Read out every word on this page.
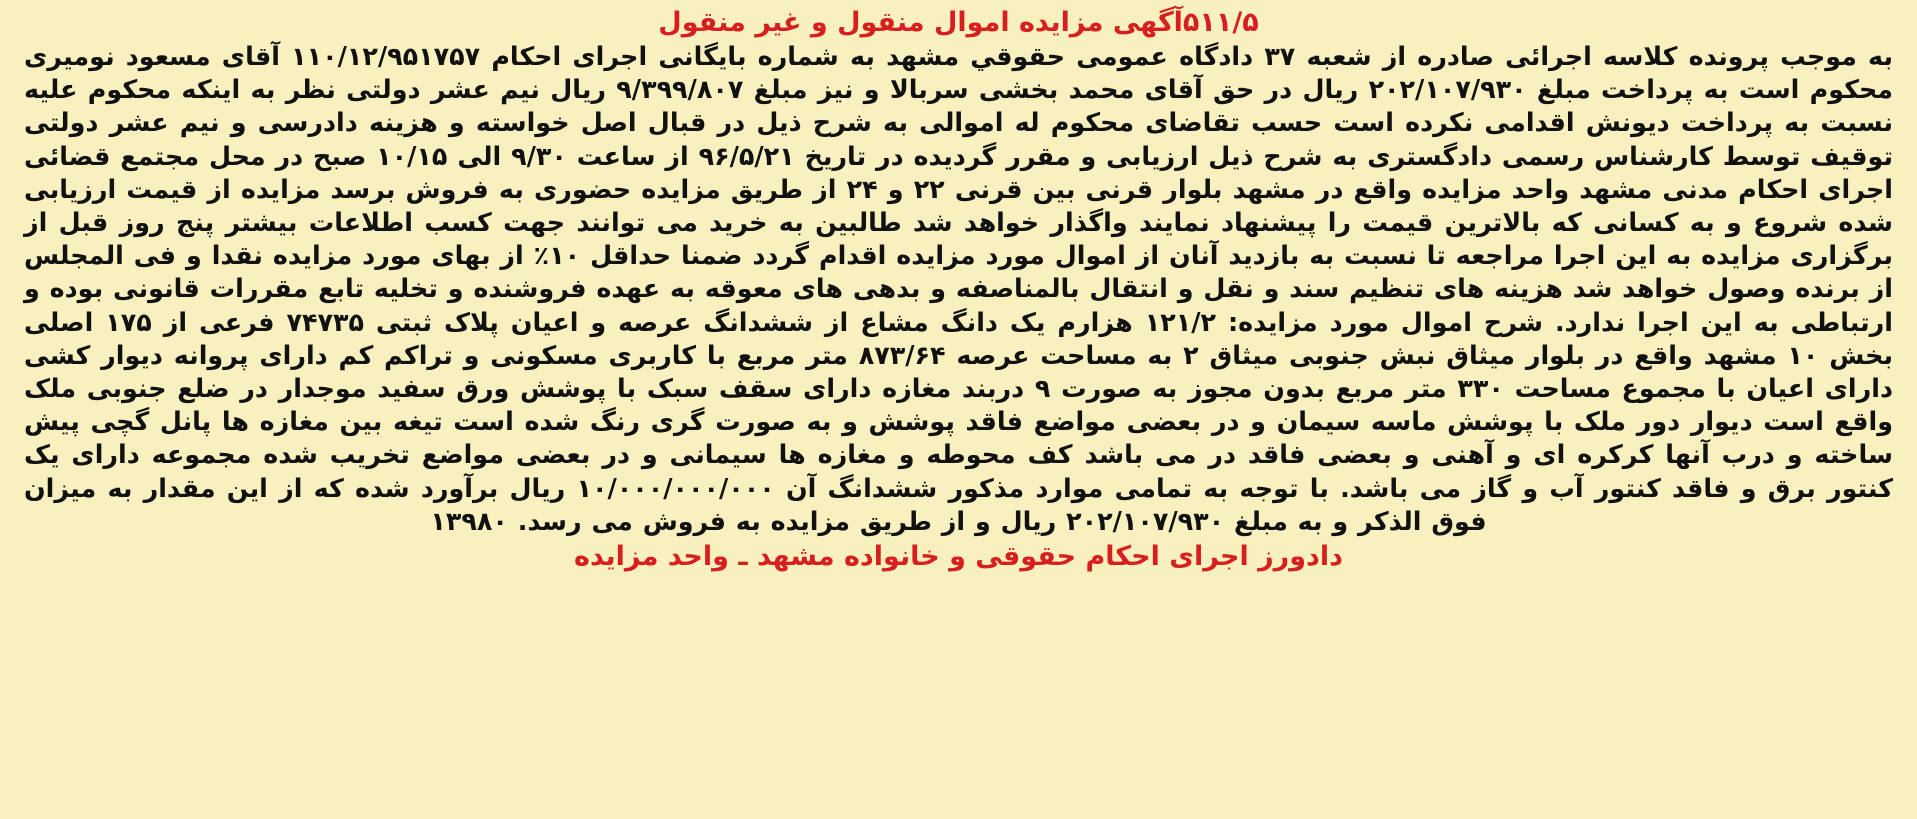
۵۱۱/۵آگهی مزایده اموال منقول و غیر منقول

به موجب پرونده کلاسه اجرائی صادره از شعبه ۳۷ دادگاه عمومی حقوقي مشهد به شماره بایگانی اجرای احکام ۱۱۰/۱۲/۹۵۱۷۵۷ آقای مسعود نومیری محکوم است به پرداخت مبلغ ۲۰۲/۱۰۷/۹۳۰ ریال در حق آقای محمد بخشی سربالا و نیز مبلغ ۹/۳۹۹/۸۰۷ ریال نیم عشر دولتی نظر به اینکه محکوم علیه نسبت به پرداخت دیونش اقدامی نکرده است حسب تقاضای محکوم له اموالی به شرح ذیل در قبال اصل خواسته و هزینه دادرسی و نیم عشر دولتی توقیف توسط کارشناس رسمی دادگستری به شرح ذیل ارزیابی و مقرر گردیده در تاریخ ۹۶/۵/۲۱ از ساعت ۹/۳۰ الی ۱۰/۱۵ صبح در محل مجتمع قضائی اجرای احکام مدنی مشهد واحد مزایده واقع در مشهد بلوار قرنی بین قرنی ۲۲ و ۲۴ از طریق مزایده حضوری به فروش برسد مزایده از قیمت ارزیابی شده شروع و به کسانی که بالاترین قیمت را پیشنهاد نمایند واگذار خواهد شد طالبین به خرید می توانند جهت کسب اطلاعات بیشتر پنج روز قبل از برگزاری مزایده به این اجرا مراجعه تا نسبت به بازدید آنان از اموال مورد مزایده اقدام گردد ضمنا حداقل ۱۰٪ از بهای مورد مزایده نقدا و فی المجلس از برنده وصول خواهد شد هزینه های تنظیم سند و نقل و انتقال بالمناصفه و بدهی های معوقه به عهده فروشنده و تخلیه تابع مقررات قانونی بوده و ارتباطی به این اجرا ندارد. شرح اموال مورد مزایده: ۱۲۱/۲ هزارم یک دانگ مشاع از ششدانگ عرصه و اعیان پلاک ثبتی ۷۴۷۳۵ فرعی از ۱۷۵ اصلی بخش ۱۰ مشهد واقع در بلوار میثاق نبش جنوبی میثاق ۲ به مساحت عرصه ۸۷۳/۶۴ متر مربع با کاربری مسکونی و تراکم کم دارای پروانه دیوار کشی دارای اعیان با مجموع مساحت ۳۳۰ متر مربع بدون مجوز به صورت ۹ دربند مغازه دارای سقف سبک با پوشش ورق سفید موجدار در ضلع جنوبی ملک واقع است دیوار دور ملک با پوشش ماسه سیمان و در بعضی مواضع فاقد پوشش و به صورت گری رنگ شده است تیغه بین مغازه ها پانل گچی پیش ساخته و درب آنها کرکره ای و آهنی و بعضی فاقد در می باشد کف محوطه و مغازه ها سیمانی و در بعضی مواضع تخریب شده مجموعه دارای یک کنتور برق و فاقد کنتور آب و گاز می باشد. با توجه به تمامی موارد مذکور ششدانگ آن ۱۰/۰۰۰/۰۰۰/۰۰۰ ریال برآورد شده که از این مقدار به میزان فوق الذکر و به مبلغ ۲۰۲/۱۰۷/۹۳۰ ریال و از طریق مزایده به فروش می رسد. ۱۳۹۸۰

دادورز اجرای احکام حقوقی و خانواده مشهد ـ واحد مزایده
